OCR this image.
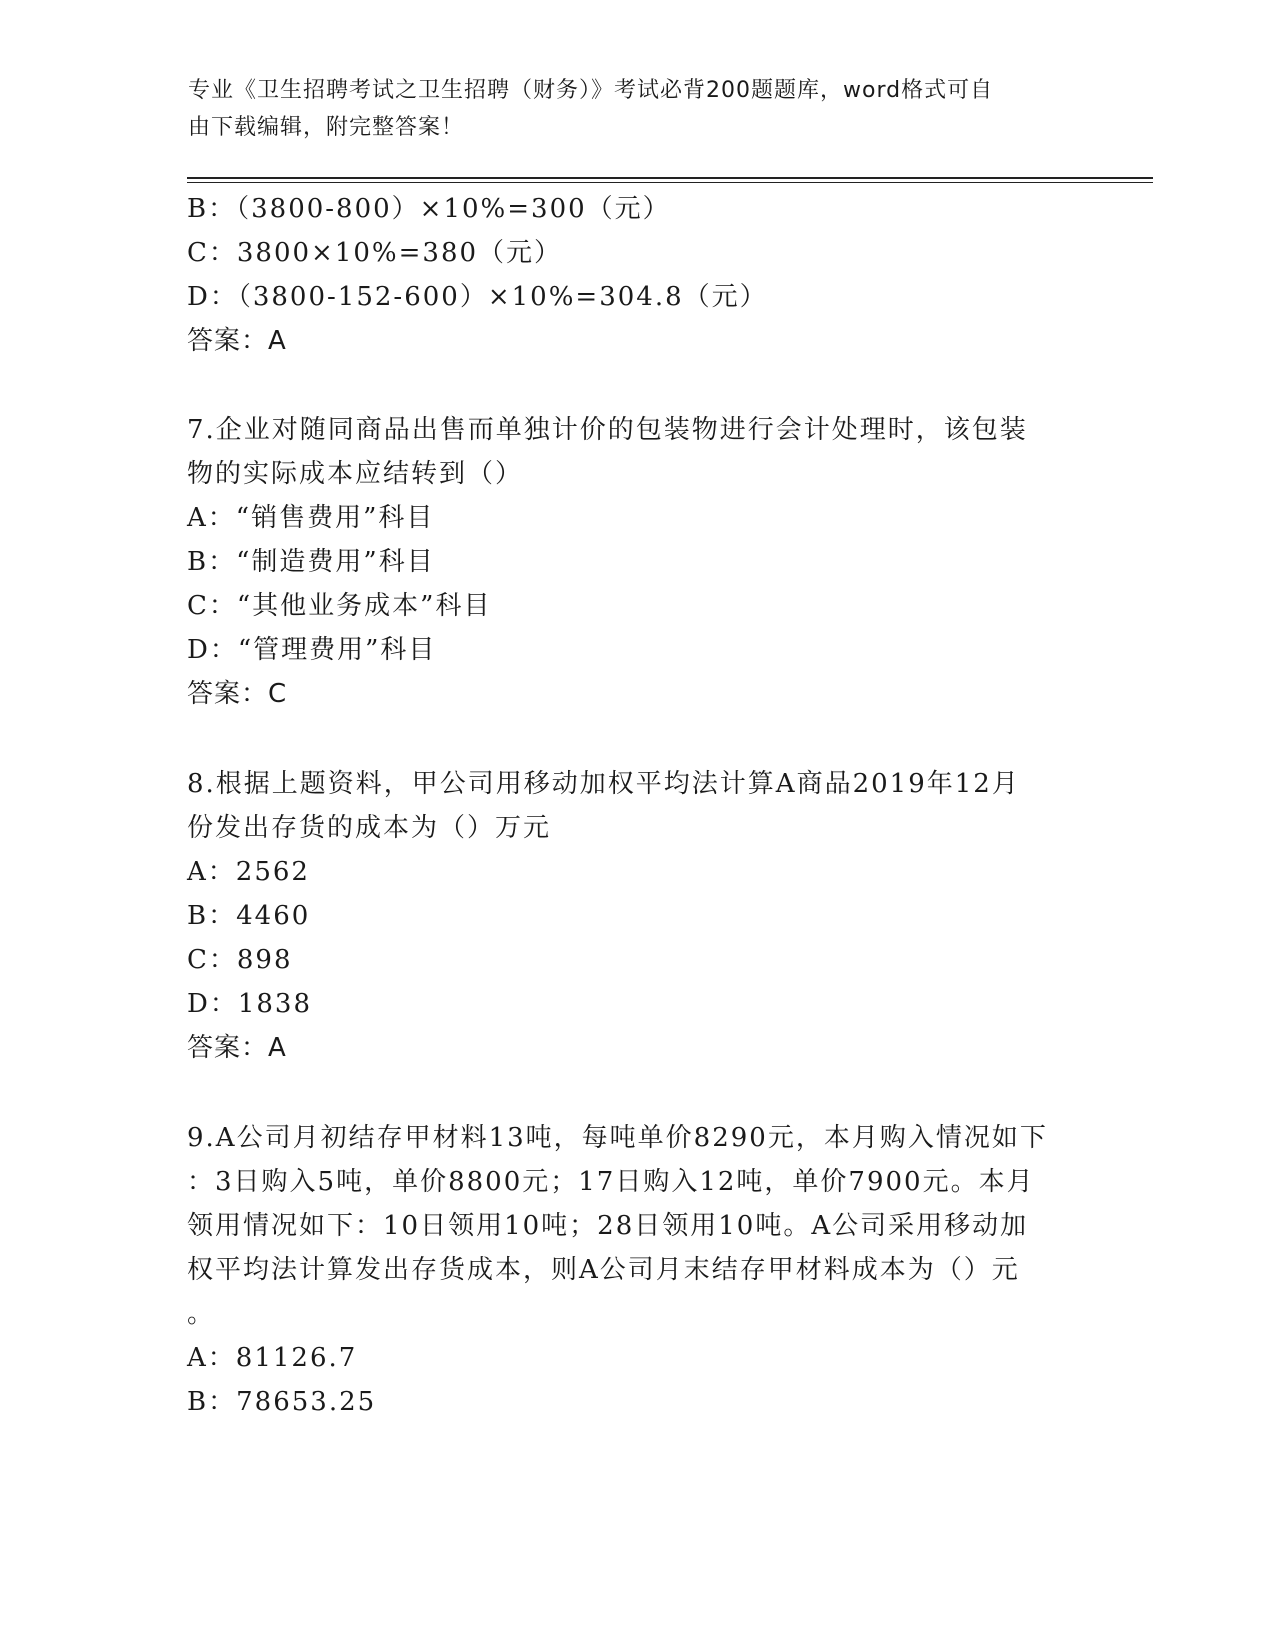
专业《卫生招聘考试之卫生招聘（财务）》考试必背200题题库，word格式可自
由下载编辑，附完整答案！
B：（3800-800）×10%=300（元）
C：3800×10%=380（元）
D：（3800-152-600）×10%=304.8（元）
答案：A
7.企业对随同商品出售而单独计价的包装物进行会计处理时，该包装
物的实际成本应结转到（）
A：“销售费用”科目
B：“制造费用”科目
C：“其他业务成本”科目
D：“管理费用”科目
答案：C
8.根据上题资料，甲公司用移动加权平均法计算A商品2019年12月
份发出存货的成本为（）万元
A：2562
B：4460
C：898
D：1838
答案：A
9.A公司月初结存甲材料13吨，每吨单价8290元，本月购入情况如下
：3日购入5吨，单价8800元；17日购入12吨，单价7900元。本月
领用情况如下：10日领用10吨；28日领用10吨。A公司采用移动加
权平均法计算发出存货成本，则A公司月末结存甲材料成本为（）元
。
A：81126.7
B：78653.25
